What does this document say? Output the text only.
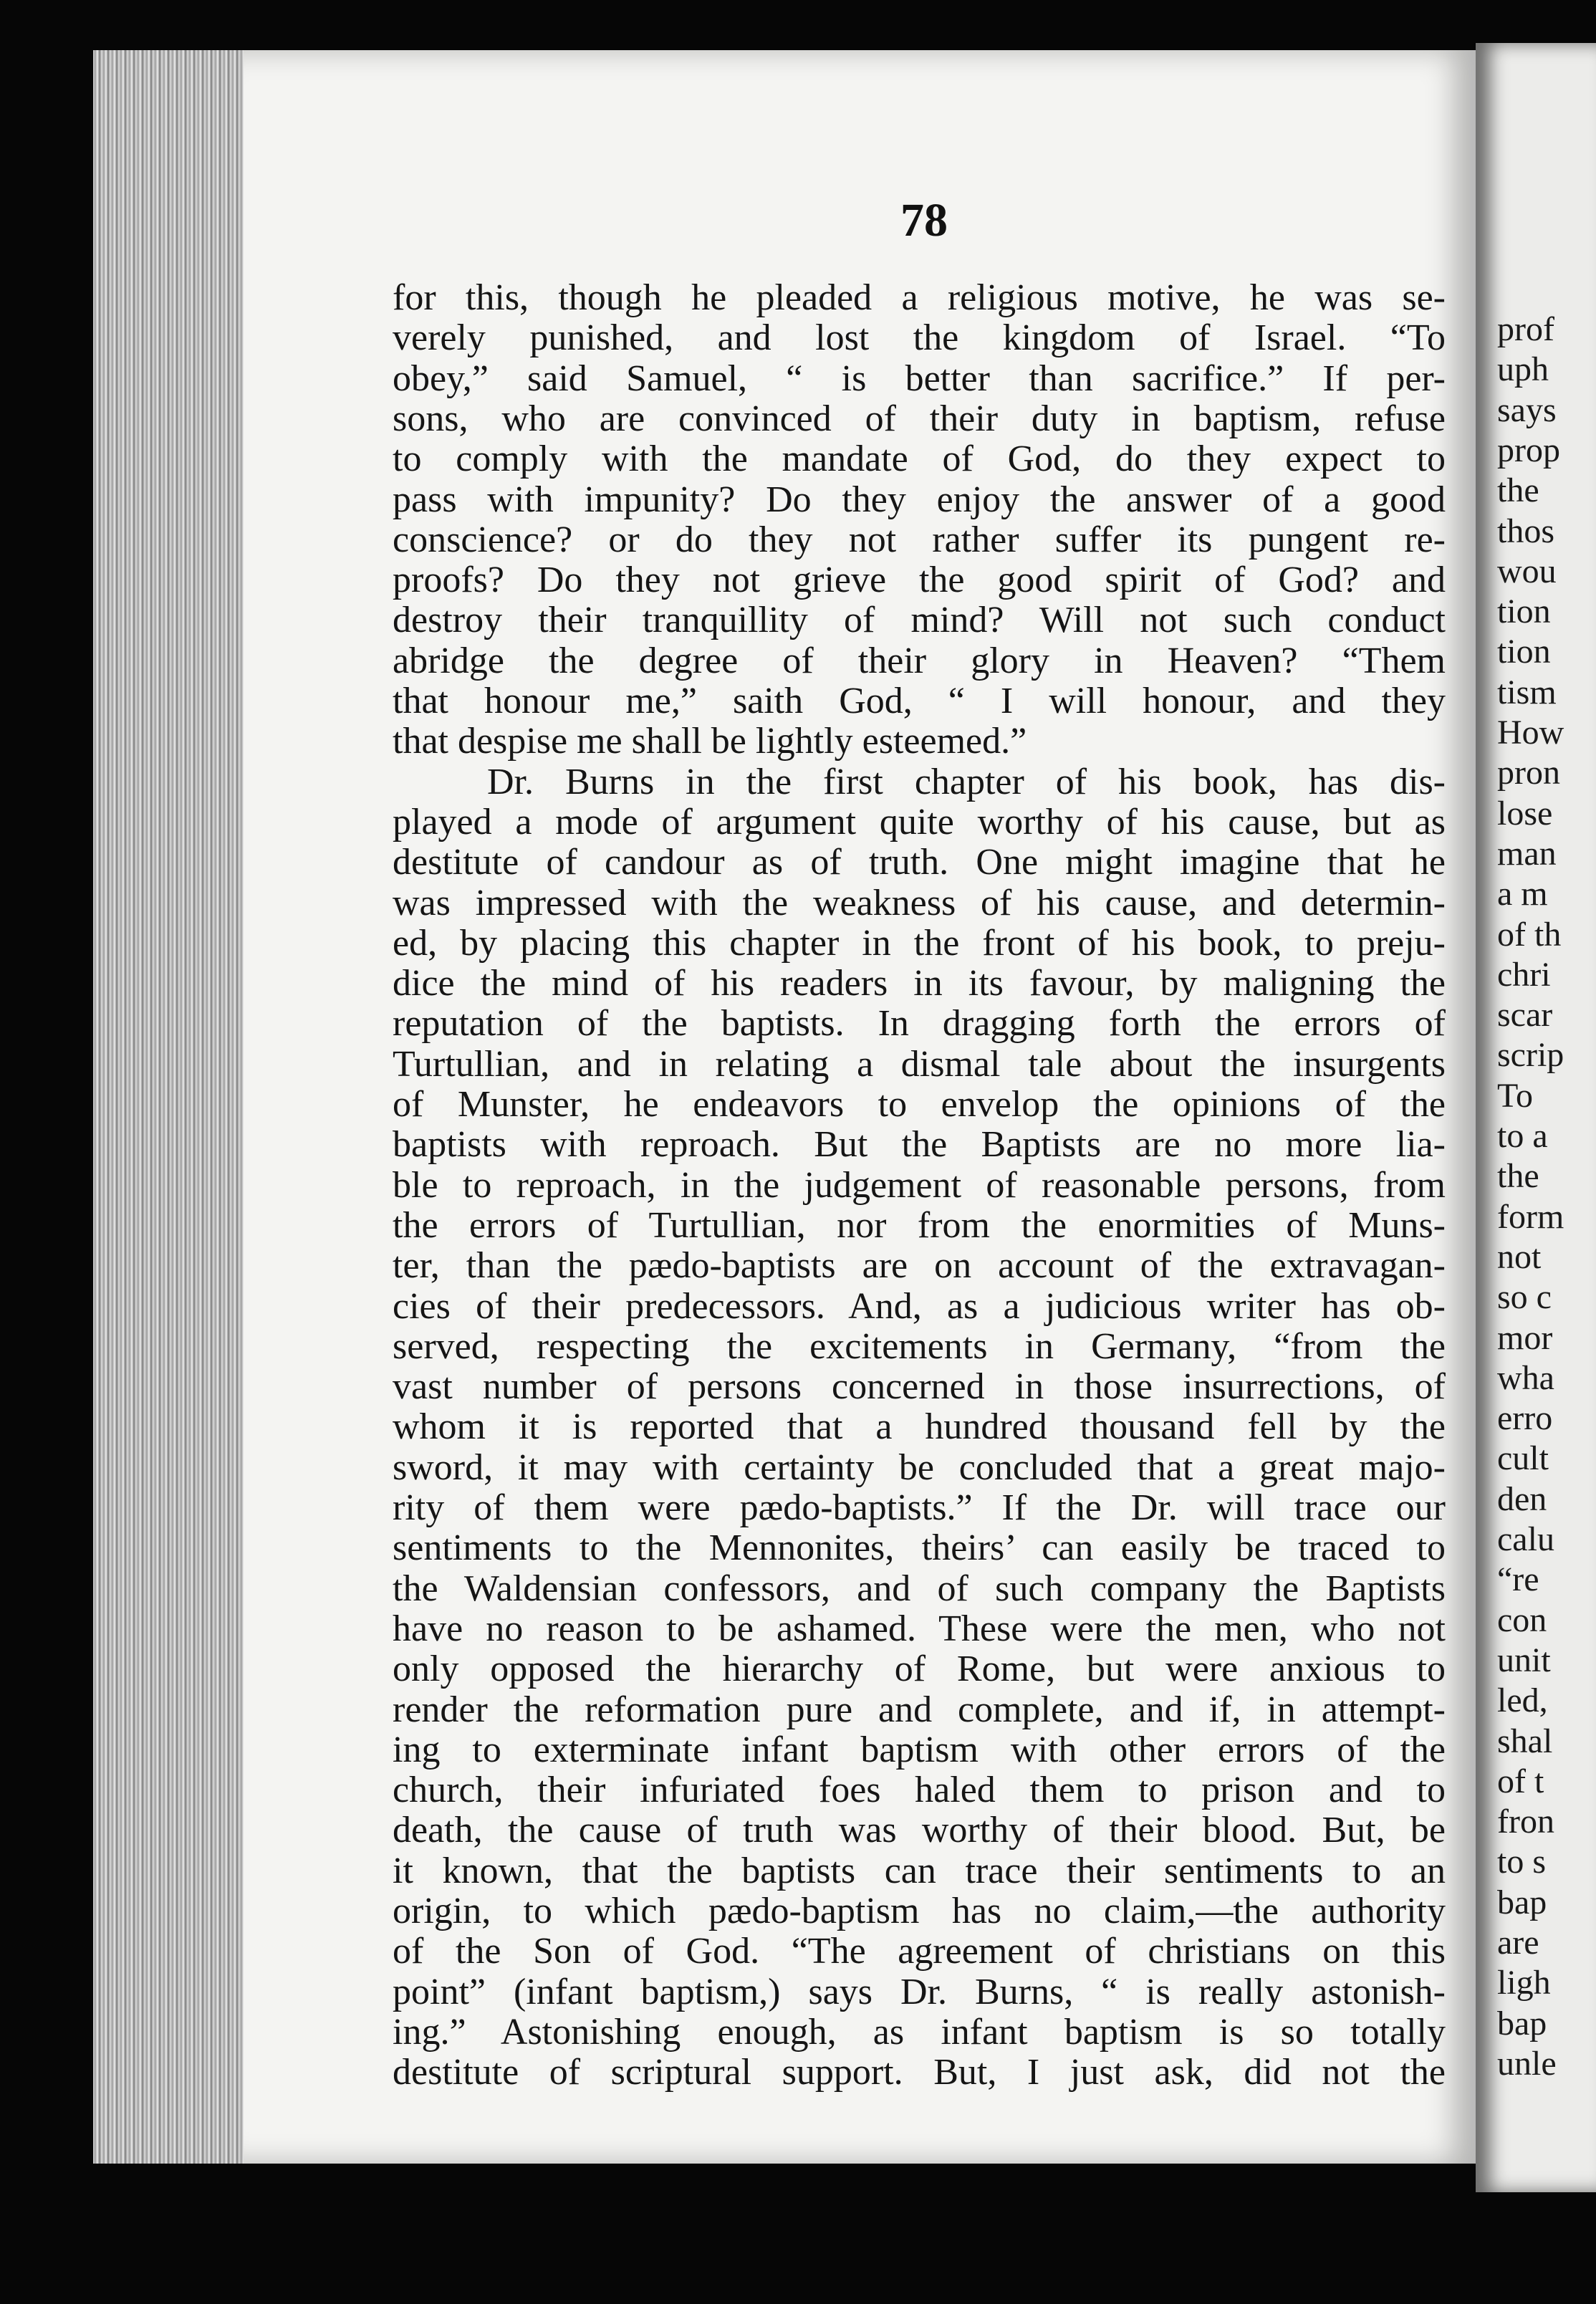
78
for this, though he pleaded a religious motive, he was se-
verely punished, and lost the kingdom of Israel. “To
obey,” said Samuel, “ is better than sacrifice.” If per-
sons, who are convinced of their duty in baptism, refuse
to comply with the mandate of God, do they expect to
pass with impunity? Do they enjoy the answer of a good
conscience? or do they not rather suffer its pungent re-
proofs? Do they not grieve the good spirit of God? and
destroy their tranquillity of mind? Will not such conduct
abridge the degree of their glory in Heaven? “Them
that honour me,” saith God, “ I will honour, and they
that despise me shall be lightly esteemed.”
Dr. Burns in the first chapter of his book, has dis-
played a mode of argument quite worthy of his cause, but as
destitute of candour as of truth. One might imagine that he
was impressed with the weakness of his cause, and determin-
ed, by placing this chapter in the front of his book, to preju-
dice the mind of his readers in its favour, by maligning the
reputation of the baptists. In dragging forth the errors of
Turtullian, and in relating a dismal tale about the insurgents
of Munster, he endeavors to envelop the opinions of the
baptists with reproach. But the Baptists are no more lia-
ble to reproach, in the judgement of reasonable persons, from
the errors of Turtullian, nor from the enormities of Muns-
ter, than the pædo-baptists are on account of the extravagan-
cies of their predecessors. And, as a judicious writer has ob-
served, respecting the excitements in Germany, “from the
vast number of persons concerned in those insurrections, of
whom it is reported that a hundred thousand fell by the
sword, it may with certainty be concluded that a great majo-
rity of them were pædo-baptists.” If the Dr. will trace our
sentiments to the Mennonites, theirs’ can easily be traced to
the Waldensian confessors, and of such company the Baptists
have no reason to be ashamed. These were the men, who not
only opposed the hierarchy of Rome, but were anxious to
render the reformation pure and complete, and if, in attempt-
ing to exterminate infant baptism with other errors of the
church, their infuriated foes haled them to prison and to
death, the cause of truth was worthy of their blood. But, be
it known, that the baptists can trace their sentiments to an
origin, to which pædo-baptism has no claim,—the authority
of the Son of God. “The agreement of christians on this
point” (infant baptism,) says Dr. Burns, “ is really astonish-
ing.” Astonishing enough, as infant baptism is so totally
destitute of scriptural support. But, I just ask, did not the
prof
uph
says
prop
the
thos
wou
tion
tion
tism
How
pron
lose
man
a m
of th
chri
scar
scrip
To
to a
the
form
not
so c
mor
wha
erro
cult
den
calu
“re
con
unit
led,
shal
of t
fron
to s
bap
are
ligh
bap
unle
